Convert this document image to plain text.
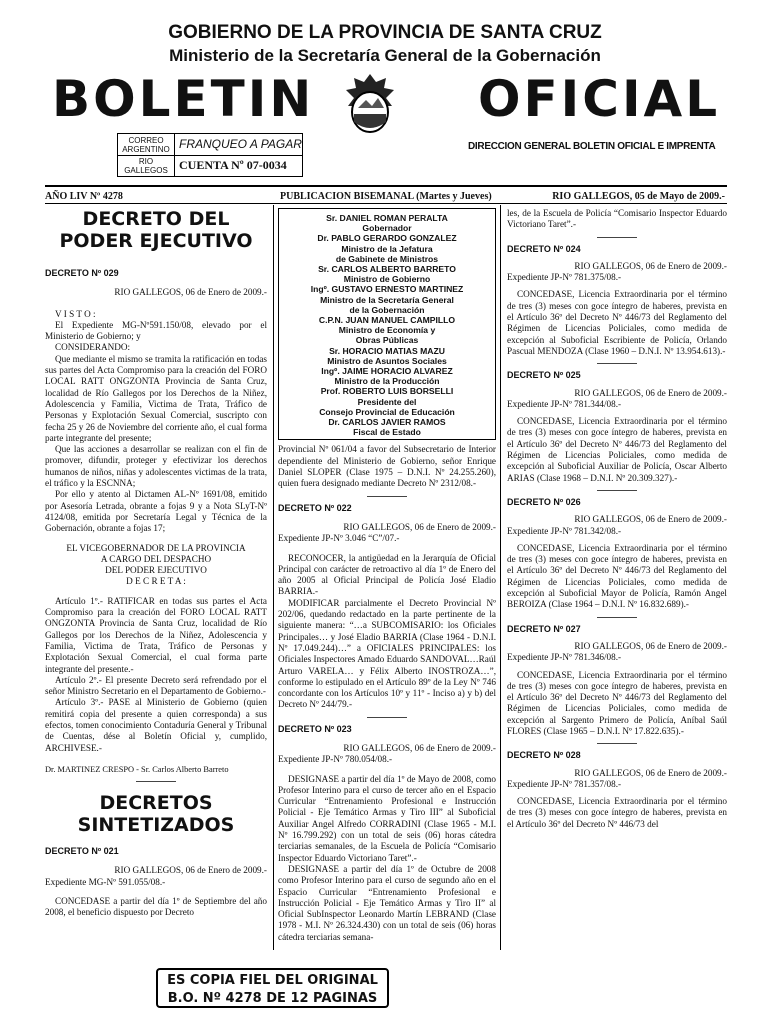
GOBIERNO DE LA PROVINCIA DE SANTA CRUZ
Ministerio de la Secretaría General de la Gobernación
BOLETIN	OFICIAL
CORREO ARGENTINO FRANQUEO A PAGAR
RIO GALLEGOS CUENTA Nº 07-0034
DIRECCION GENERAL BOLETIN OFICIAL E IMPRENTA
AÑO LIV Nº 4278	PUBLICACION BISEMANAL (Martes y Jueves)	RIO GALLEGOS, 05 de Mayo de 2009.-
DECRETO DEL PODER EJECUTIVO
DECRETO Nº 029

RIO GALLEGOS, 06 de Enero de 2009.-

V I S T O :

El Expediente MG-Nº591.150/08, elevado por el Ministerio de Gobierno; y

CONSIDERANDO:

Que mediante el mismo se tramita la ratificación en todas sus partes del Acta Compromiso para la creación del FORO LOCAL RATT ONGZONTA Provincia de Santa Cruz, localidad de Río Gallegos por los Derechos de la Niñez, Adolescencia y Familia, Victima de Trata, Tráfico de Personas y Explotación Sexual Comercial, suscripto con fecha 25 y 26 de Noviembre del corriente año, el cual forma parte integrante del presente;

Que las acciones a desarrollar se realizan con el fin de promover, difundir, proteger y efectivizar los derechos humanos de niños, niñas y adolescentes victimas de la trata, el tráfico y la ESCNNA;

Por ello y atento al Dictamen AL-Nº 1691/08, emitido por Asesoría Letrada, obrante a fojas 9 y a Nota SLyT-Nº 4124/08, emitida por Secretaría Legal y Técnica de la Gobernación, obrante a fojas 17;

EL VICEGOBERNADOR DE LA PROVINCIA

A CARGO DEL DESPACHO

DEL PODER EJECUTIVO

D E C R E T A :

Artículo 1º.- RATIFICAR en todas sus partes el Acta Compromiso para la creación del FORO LOCAL RATT ONGZONTA Provincia de Santa Cruz, localidad de Río Gallegos por los Derechos de la Niñez, Adolescencia y Familia, Victima de Trata, Tráfico de Personas y Explotación Sexual Comercial, el cual forma parte integrante del presente.-

Artículo 2º.- El presente Decreto será refrendado por el señor Ministro Secretario en el Departamento de Gobierno.-

Artículo 3º.- PASE al Ministerio de Gobierno (quien remitirá copia del presente a quien corresponda) a sus efectos, tomen conocimiento Contaduría General y Tribunal de Cuentas, dése al Boletín Oficial y, cumplido, ARCHIVESE.-

Dr. MARTINEZ CRESPO - Sr. Carlos Alberto Barreto

DECRETOS SINTETIZADOS
DECRETO Nº 021

RIO GALLEGOS, 06 de Enero de 2009.-

Expediente MG-Nº 591.055/08.-

CONCEDASE a partir del día 1º de Septiembre del año 2008, el beneficio dispuesto por Decreto

Sr. DANIEL ROMAN PERALTA
Gobernador
Dr. PABLO GERARDO GONZALEZ
Ministro de la Jefatura
de Gabinete de Ministros
Sr. CARLOS ALBERTO BARRETO
Ministro de Gobierno
Ingº. GUSTAVO ERNESTO MARTINEZ
Ministro de la Secretaría General
de la Gobernación
C.P.N. JUAN MANUEL CAMPILLO
Ministro de Economía y
Obras Públicas
Sr. HORACIO MATIAS MAZU
Ministro de Asuntos Sociales
Ingº. JAIME HORACIO ALVAREZ
Ministro de la Producción
Prof. ROBERTO LUIS BORSELLI
Presidente del
Consejo Provincial de Educación
Dr. CARLOS JAVIER RAMOS
Fiscal de Estado

Provincial Nº 061/04 a favor del Subsecretario de Interior dependiente del Ministerio de Gobierno, señor Enrique Daniel SLOPER (Clase 1975 – D.N.I. Nº 24.255.260), quien fuera designado mediante Decreto Nº 2312/08.-

DECRETO Nº 022

RIO GALLEGOS, 06 de Enero de 2009.-

Expediente JP-Nº 3.046 “C”/07.-

RECONOCER, la antigüedad en la Jerarquía de Oficial Principal con carácter de retroactivo al día 1º de Enero del año 2005 al Oficial Principal de Policía José Eladio BARRIA.-

MODIFICAR parcialmente el Decreto Provincial Nº 202/06, quedando redactado en la parte pertinente de la siguiente manera: “…a SUBCOMISARIO: los Oficiales Principales… y José Eladio BARRIA (Clase 1964 - D.N.I. Nº 17.049.244)…” a OFICIALES PRINCIPALES: los Oficiales Inspectores Amado Eduardo SANDOVAL…Raúl Arturo VARELA… y Félix Alberto INOSTROZA…”, conforme lo estipulado en el Artículo 89º de la Ley Nº 746 concordante con los Artículos 10º y 11º - Inciso a) y b) del Decreto Nº 244/79.-

DECRETO Nº 023

RIO GALLEGOS, 06 de Enero de 2009.-

Expediente JP-Nº 780.054/08.-

DESIGNASE a partir del día 1º de Mayo de 2008, como Profesor Interino para el curso de tercer año en el Espacio Curricular “Entrenamiento Profesional e Instrucción Policial - Eje Temático Armas y Tiro III” al Suboficial Auxiliar Angel Alfredo CORRADINI (Clase 1965 - M.I. Nº 16.799.292) con un total de seis (06) horas cátedra terciarias semanales, de la Escuela de Policía “Comisario Inspector Eduardo Victoriano Taret”.-

DESIGNASE a partir del día 1º de Octubre de 2008 como Profesor Interino para el curso de segundo año en el Espacio Curricular “Entrenamiento Profesional e Instrucción Policial - Eje Temático Armas y Tiro II” al Oficial SubInspector Leonardo Martín LEBRAND (Clase 1978 - M.I. Nº 26.324.430) con un total de seis (06) horas cátedra terciarias semana-

les, de la Escuela de Policía “Comisario Inspector Eduardo Victoriano Taret”.-

DECRETO Nº 024

RIO GALLEGOS, 06 de Enero de 2009.-

Expediente JP-Nº 781.375/08.-

CONCEDASE, Licencia Extraordinaria por el término de tres (3) meses con goce íntegro de haberes, prevista en el Artículo 36º del Decreto Nº 446/73 del Reglamento del Régimen de Licencias Policiales, como medida de excepción al Suboficial Escribiente de Policía, Orlando Pascual MENDOZA (Clase 1960 – D.N.I. Nº 13.954.613).-

DECRETO Nº 025

RIO GALLEGOS, 06 de Enero de 2009.-

Expediente JP-Nº 781.344/08.-

CONCEDASE, Licencia Extraordinaria por el término de tres (3) meses con goce íntegro de haberes, prevista en el Artículo 36º del Decreto Nº 446/73 del Reglamento del Régimen de Licencias Policiales, como medida de excepción al Suboficial Auxiliar de Policía, Oscar Alberto ARIAS (Clase 1968 – D.N.I. Nº 20.309.327).-

DECRETO Nº 026

RIO GALLEGOS, 06 de Enero de 2009.-

Expediente JP-Nº 781.342/08.-

CONCEDASE, Licencia Extraordinaria por el término de tres (3) meses con goce íntegro de haberes, prevista en el Artículo 36º del Decreto Nº 446/73 del Reglamento del Régimen de Licencias Policiales, como medida de excepción al Suboficial Mayor de Policía, Ramón Angel BEROIZA (Clase 1964 – D.N.I. Nº 16.832.689).-

DECRETO Nº 027

RIO GALLEGOS, 06 de Enero de 2009.-

Expediente JP-Nº 781.346/08.-

CONCEDASE, Licencia Extraordinaria por el término de tres (3) meses con goce íntegro de haberes, prevista en el Artículo 36º del Decreto Nº 446/73 del Reglamento del Régimen de Licencias Policiales, como medida de excepción al Sargento Primero de Policía, Aníbal Saúl FLORES (Clase 1965 – D.N.I. Nº 17.822.635).-

DECRETO Nº 028

RIO GALLEGOS, 06 de Enero de 2009.-

Expediente JP-Nº 781.357/08.-

CONCEDASE, Licencia Extraordinaria por el término de tres (3) meses con goce íntegro de haberes, prevista en el Artículo 36º del Decreto Nº 446/73 del

ES COPIA FIEL DEL ORIGINAL
B.O. Nº 4278 DE 12 PAGINAS
